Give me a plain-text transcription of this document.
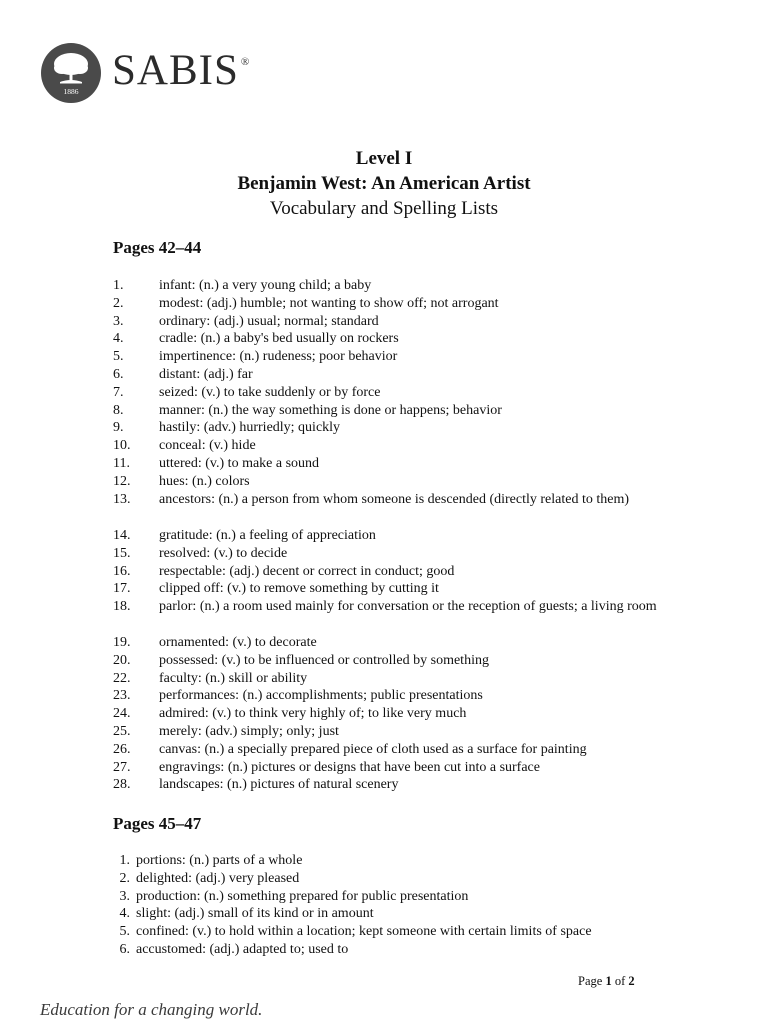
1886 SABIS ®
Level I
Benjamin West: An American Artist
Vocabulary and Spelling Lists
Pages 42–44
1.	infant: (n.) a very young child; a baby
2.	modest: (adj.) humble; not wanting to show off; not arrogant
3.	ordinary: (adj.) usual; normal; standard
4.	cradle: (n.) a baby's bed usually on rockers
5.	impertinence: (n.) rudeness; poor behavior
6.	distant: (adj.) far
7.	seized: (v.) to take suddenly or by force
8.	manner: (n.) the way something is done or happens; behavior
9.	hastily: (adv.) hurriedly; quickly
10.	conceal: (v.) hide
11.	uttered: (v.) to make a sound
12.	hues: (n.) colors
13.	ancestors: (n.) a person from whom someone is descended (directly related to them)
14.	gratitude: (n.) a feeling of appreciation
15.	resolved: (v.) to decide
16.	respectable: (adj.) decent or correct in conduct; good
17.	clipped off: (v.) to remove something by cutting it
18.	parlor: (n.) a room used mainly for conversation or the reception of guests; a living room
19.	ornamented: (v.) to decorate
20.	possessed: (v.) to be influenced or controlled by something
22.	faculty: (n.) skill or ability
23.	performances: (n.) accomplishments; public presentations
24.	admired: (v.) to think very highly of; to like very much
25.	merely: (adv.) simply; only; just
26.	canvas: (n.) a specially prepared piece of cloth used as a surface for painting
27.	engravings: (n.) pictures or designs that have been cut into a surface
28.	landscapes: (n.) pictures of natural scenery
Pages 45–47
1. portions: (n.) parts of a whole
2. delighted: (adj.) very pleased
3. production: (n.) something prepared for public presentation
4. slight: (adj.) small of its kind or in amount
5. confined: (v.) to hold within a location; kept someone with certain limits of space
6. accustomed: (adj.) adapted to; used to
Page 1 of 2
Education for a changing world.
